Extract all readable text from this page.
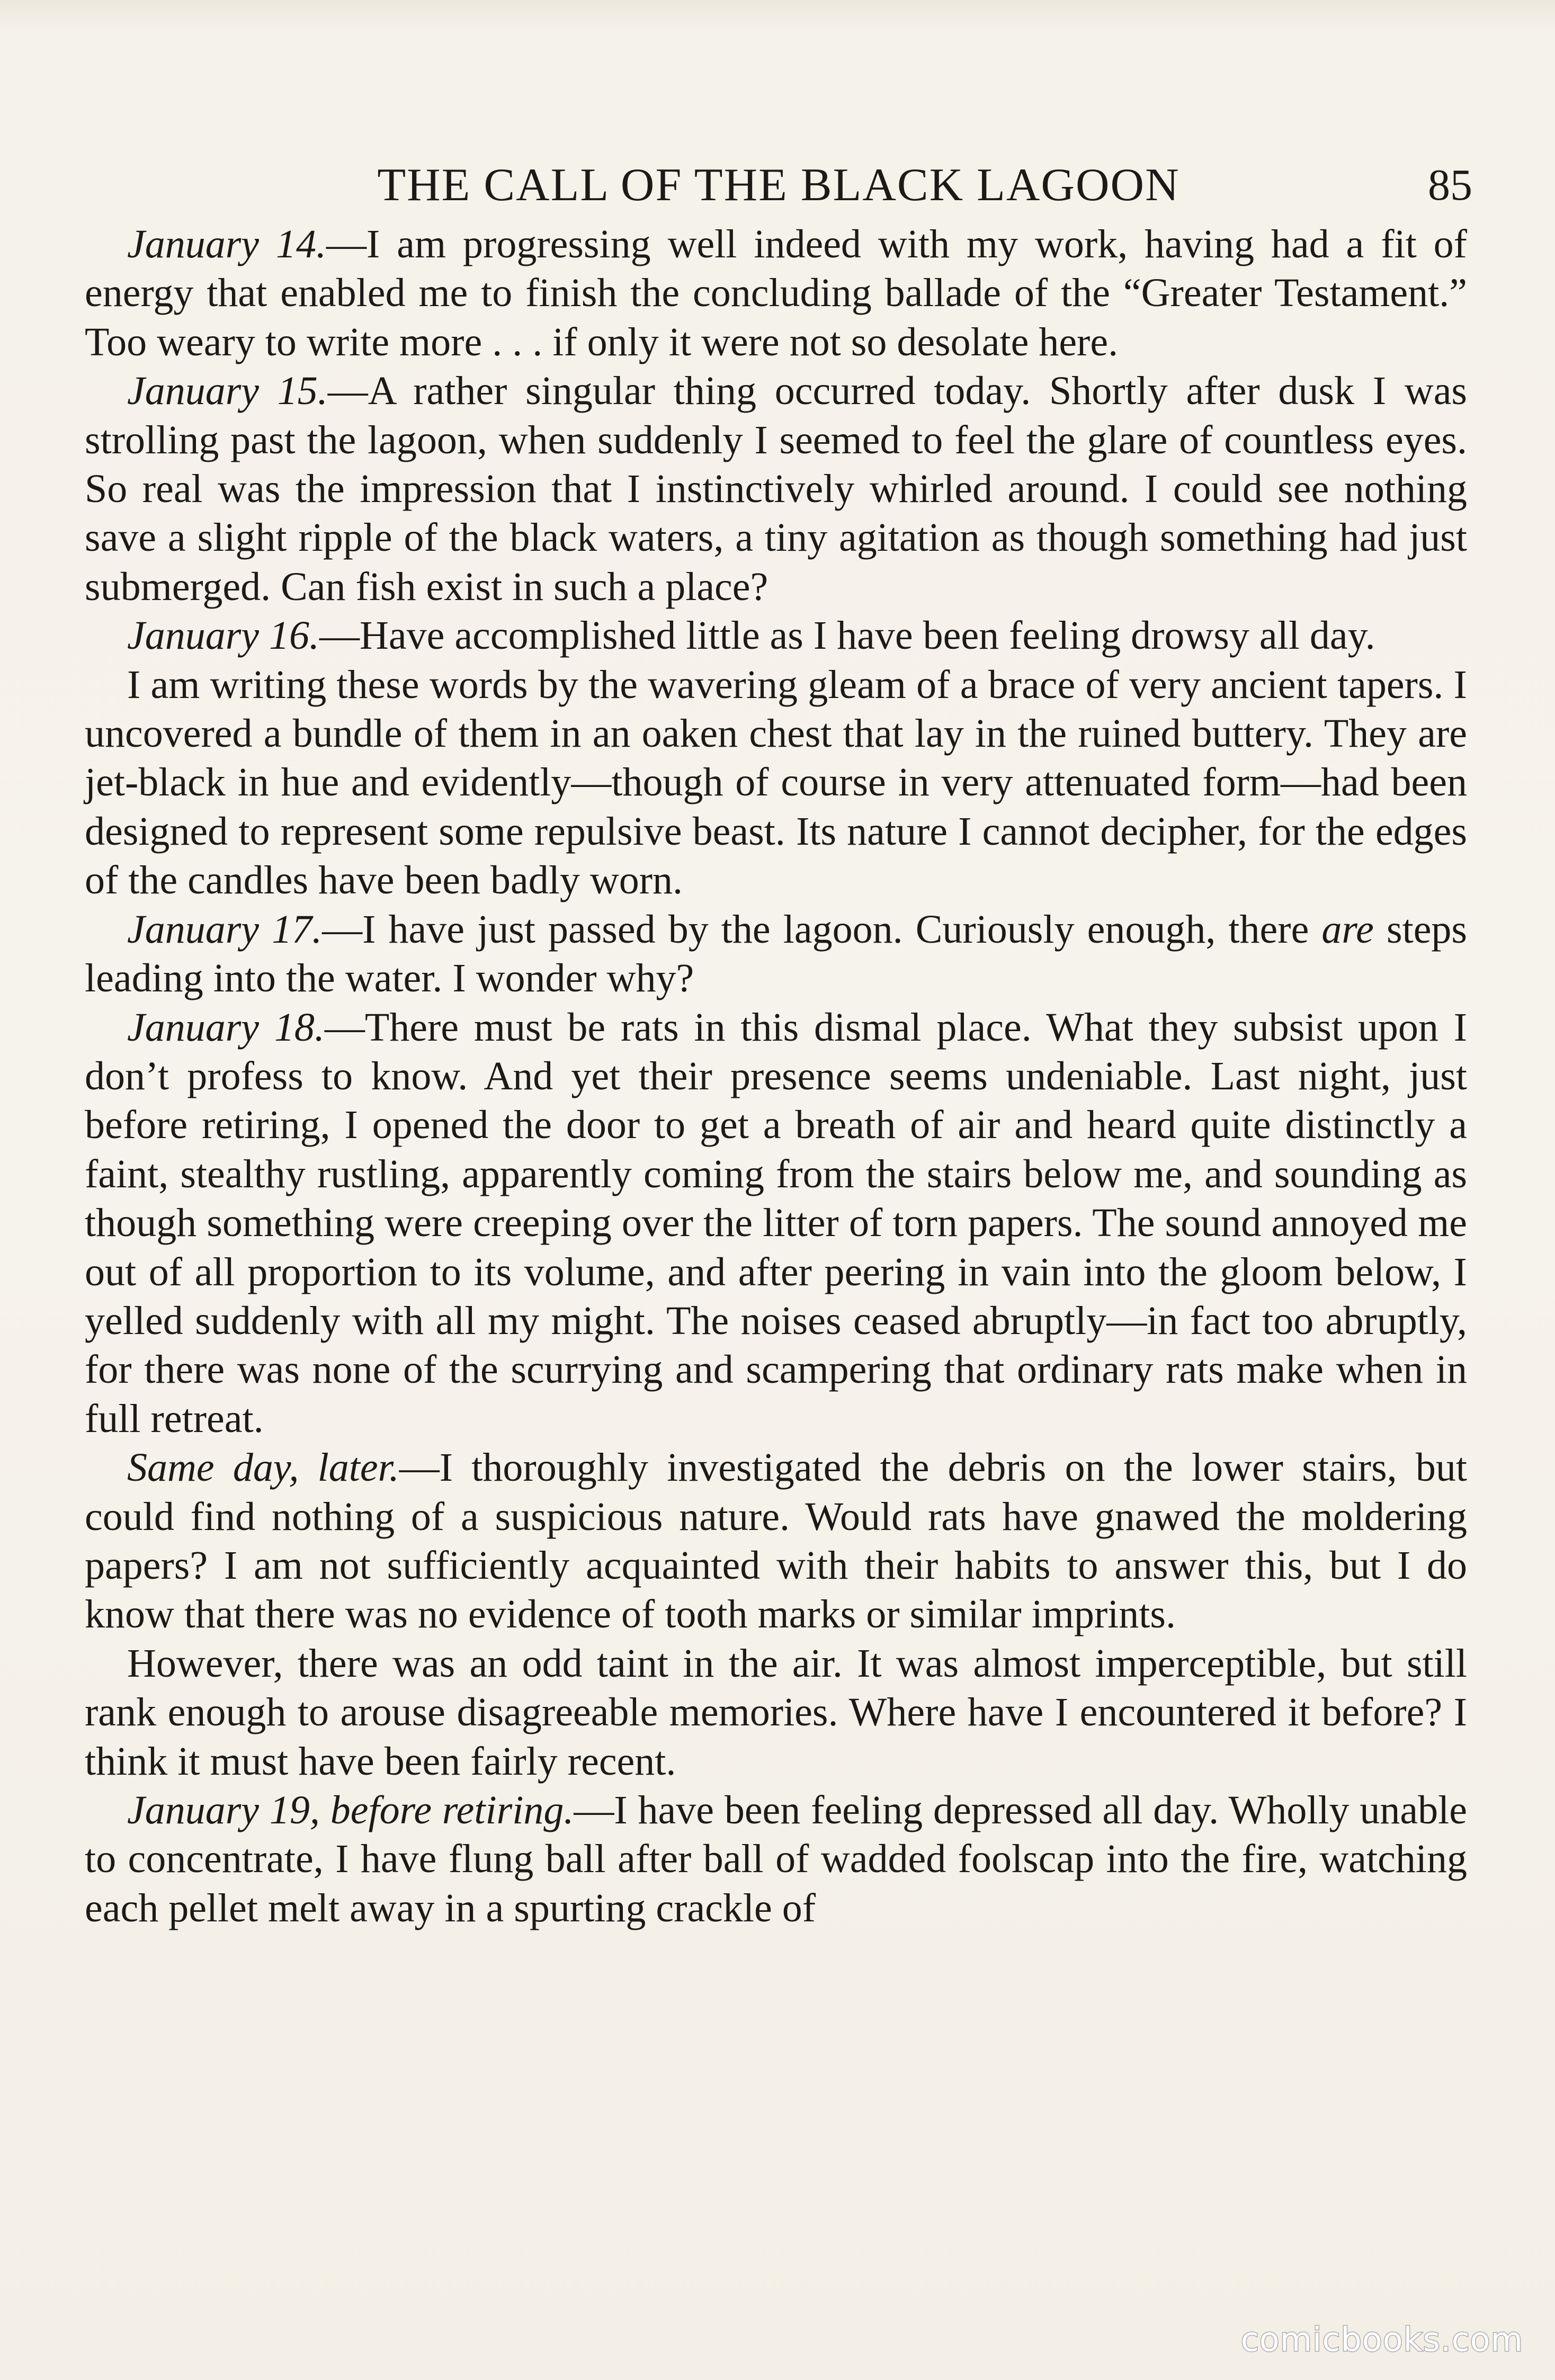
THE CALL OF THE BLACK LAGOON	85

January 14.—I am progressing well indeed with my work, having had a fit of energy that enabled me to finish the concluding ballade of the “Greater Testament.” Too weary to write more . . . if only it were not so desolate here.

January 15.—A rather singular thing occurred today. Shortly after dusk I was strolling past the lagoon, when suddenly I seemed to feel the glare of countless eyes. So real was the impression that I instinctively whirled around. I could see nothing save a slight ripple of the black waters, a tiny agitation as though something had just submerged. Can fish exist in such a place?

January 16.—Have accomplished little as I have been feeling drowsy all day.

I am writing these words by the wavering gleam of a brace of very ancient tapers. I uncovered a bundle of them in an oaken chest that lay in the ruined buttery. They are jet-black in hue and evidently—though of course in very attenuated form—had been designed to represent some repulsive beast. Its nature I cannot decipher, for the edges of the candles have been badly worn.

January 17.—I have just passed by the lagoon. Curiously enough, there are steps leading into the water. I wonder why?

January 18.—There must be rats in this dismal place. What they subsist upon I don’t profess to know. And yet their presence seems undeniable. Last night, just before retiring, I opened the door to get a breath of air and heard quite distinctly a faint, stealthy rustling, apparently coming from the stairs below me, and sounding as though something were creeping over the litter of torn papers. The sound annoyed me out of all proportion to its volume, and after peering in vain into the gloom below, I yelled suddenly with all my might. The noises ceased abruptly—in fact too abruptly, for there was none of the scurrying and scampering that ordinary rats make when in full retreat.

Same day, later.—I thoroughly investigated the debris on the lower stairs, but could find nothing of a suspicious nature. Would rats have gnawed the moldering papers? I am not sufficiently acquainted with their habits to answer this, but I do know that there was no evidence of tooth marks or similar imprints.

However, there was an odd taint in the air. It was almost imperceptible, but still rank enough to arouse disagreeable memories. Where have I encountered it before? I think it must have been fairly recent.

January 19, before retiring.—I have been feeling depressed all day. Wholly unable to concentrate, I have flung ball after ball of wadded foolscap into the fire, watching each pellet melt away in a spurting crackle of

comicbooks.com
